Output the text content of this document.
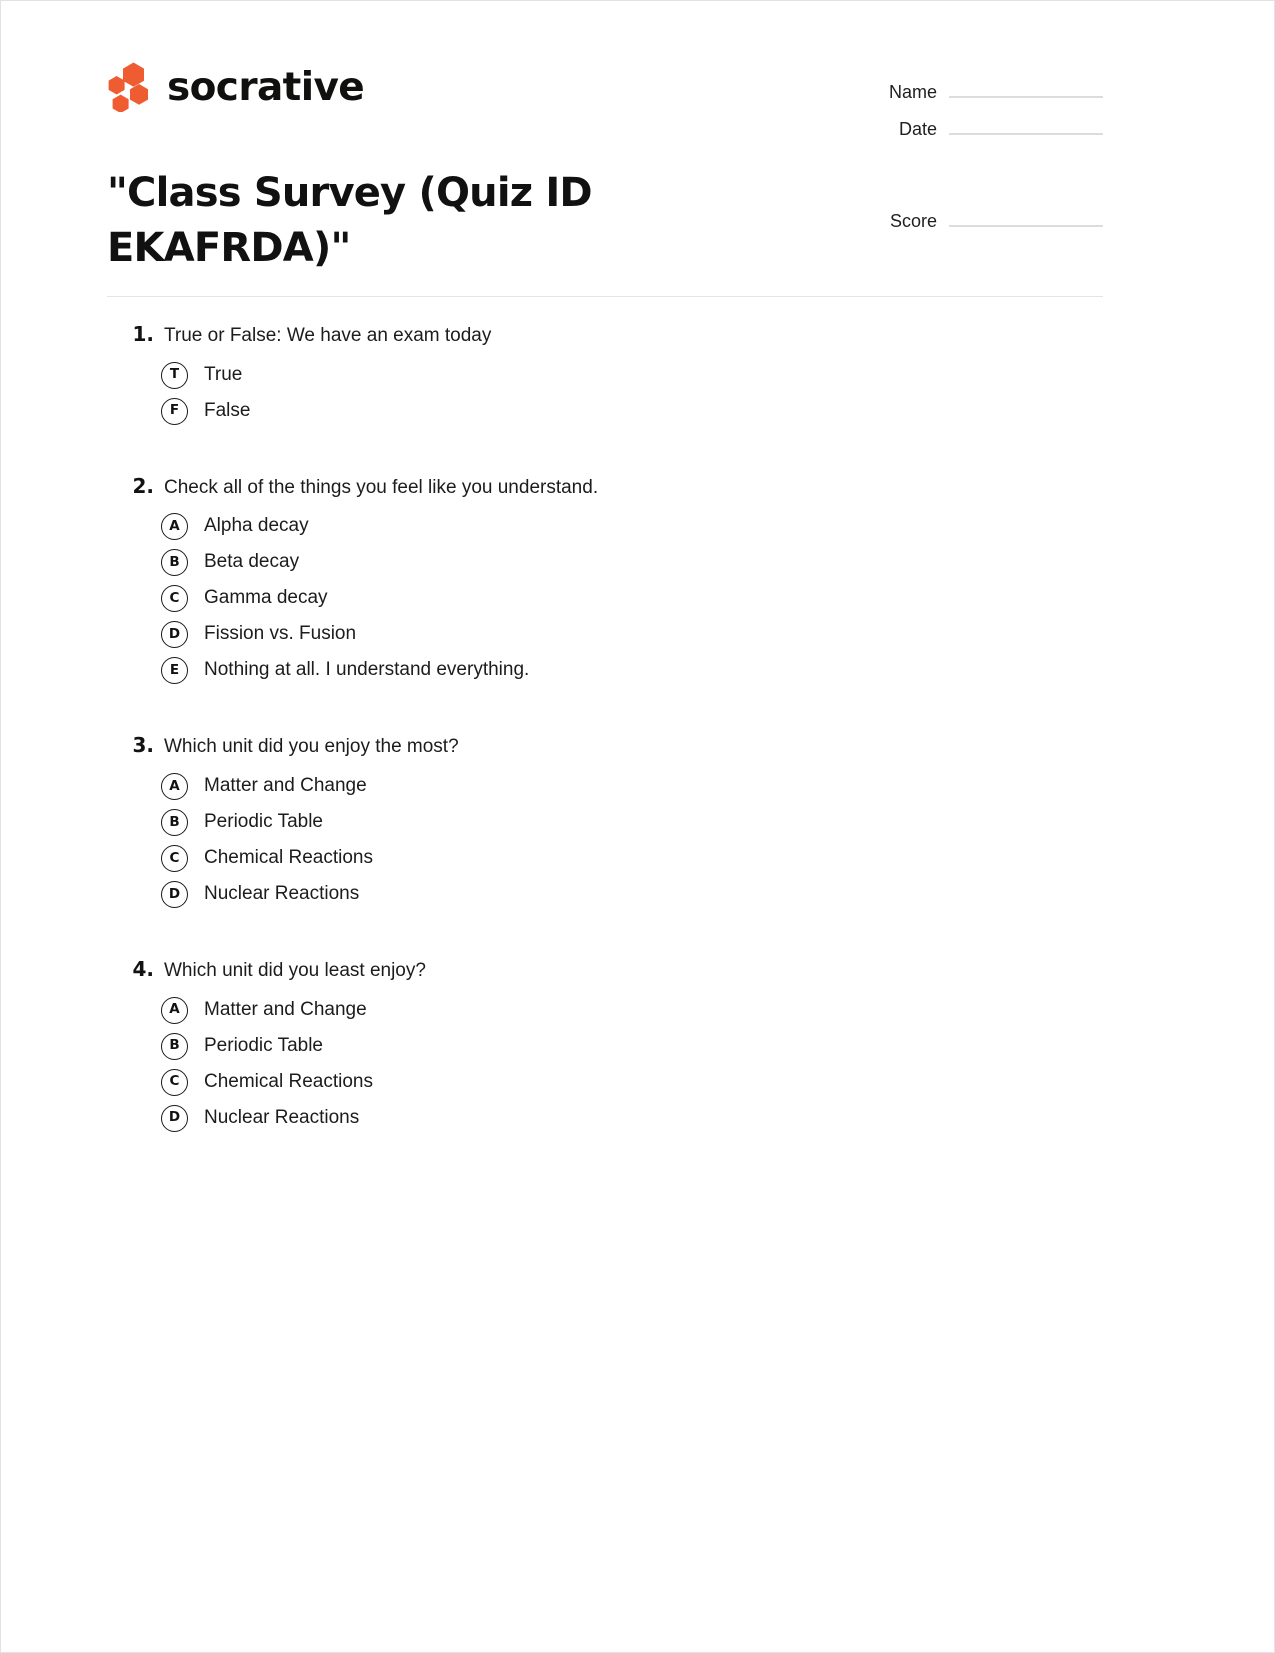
socrative	Name
Date
Score
"Class Survey (Quiz ID EKAFRDA)"
1. True or False: We have an exam today
T	True
F	False
2. Check all of the things you feel like you understand.
A	Alpha decay
B	Beta decay
C	Gamma decay
D	Fission vs. Fusion
E	Nothing at all. I understand everything.
3. Which unit did you enjoy the most?
A	Matter and Change
B	Periodic Table
C	Chemical Reactions
D	Nuclear Reactions
4. Which unit did you least enjoy?
A	Matter and Change
B	Periodic Table
C	Chemical Reactions
D	Nuclear Reactions
